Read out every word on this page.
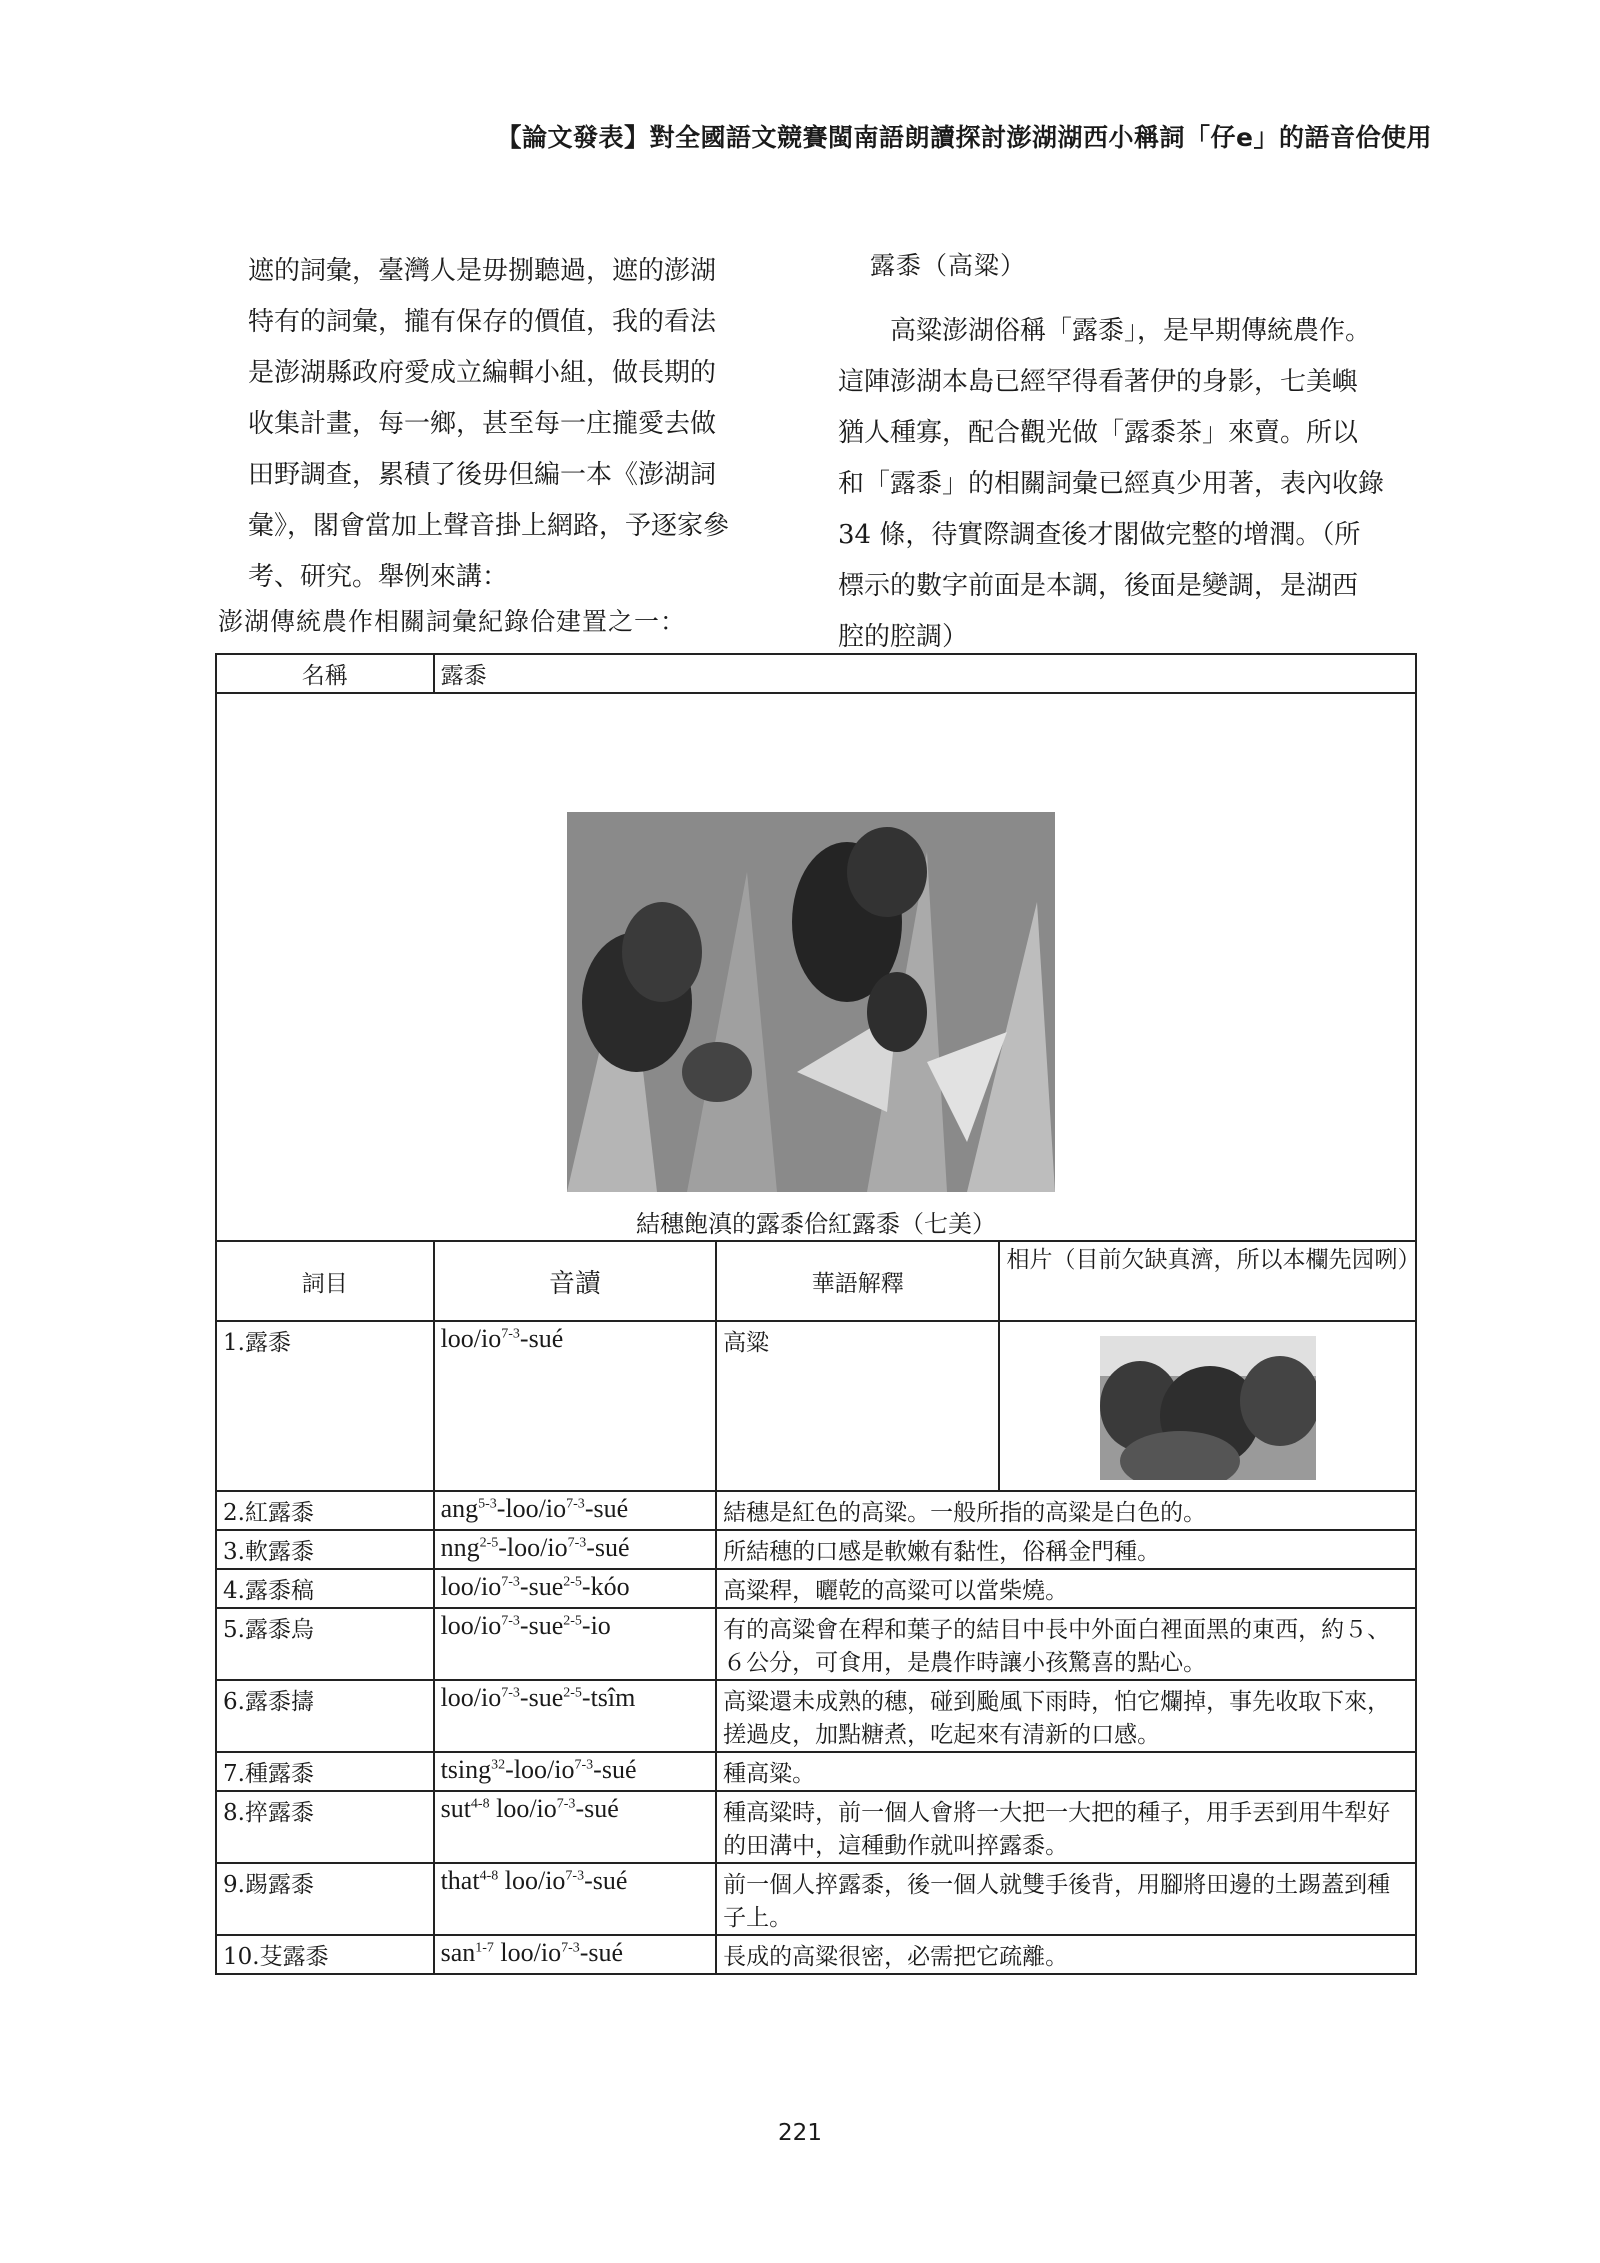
【論文發表】對全國語文競賽閩南語朗讀探討澎湖湖西小稱詞「仔e」的語音佮使用

遮的詞彙，臺灣人是毋捌聽過，遮的澎湖

特有的詞彙，攏有保存的價值，我的看法

是澎湖縣政府愛成立編輯小組，做長期的

收集計畫，每一鄉，甚至每一庄攏愛去做

田野調查，累積了後毋但編一本《澎湖詞

彙》，閣會當加上聲音掛上網路，予逐家參

考、研究。舉例來講：

澎湖傳統農作相關詞彙紀錄佮建置之一：

露黍（高粱）

高粱澎湖俗稱「露黍」，是早期傳統農作。
這陣澎湖本島已經罕得看著伊的身影，七美嶼
猶人種寡，配合觀光做「露黍茶」來賣。所以
和「露黍」的相關詞彙已經真少用著，表內收錄
34 條，待實際調查後才閣做完整的增潤。（所
標示的數字前面是本調，後面是變調，是湖西
腔的腔調）
名稱	露黍		

結穗飽滇的露黍佮紅露黍（七美）			

詞目	音讀	華語解釋	相片（目前欠缺真濟，所以本欄先囥咧）
1.露黍	loo/$io^{7-3}$-sué	高粱	

2.紅露黍	$ang^{5-3}-loo/io^{7-3}$-sué	結穗是紅色的高粱。一般所指的高粱是白色的。	
3.軟露黍	$nng^{2-5}-loo/io^{7-3}$-sué	所結穗的口感是軟嫩有黏性，俗稱金門種。	
4.露黍稿	loo/$io^{7-3}-sue^{2-5}$-kóo	高粱稈，曬乾的高粱可以當柴燒。	
5.露黍烏	loo/$io^{7-3}-sue^{2-5}-io$	有的高粱會在稈和葉子的結目中長中外面白裡面黑的東西，約５、６公分，可食用，是農作時讓小孩驚喜的點心。	
6.露黍擣	loo/$io^{7-3}-sue^{2-5}$-tsîm	高粱還未成熟的穗，碰到颱風下雨時，怕它爛掉，事先收取下來，搓過皮，加點糖煮，吃起來有清新的口感。	
7.種露黍	$tsing^{32}-loo/io^{7-3}$-sué	種高粱。	
8.捽露黍	sut$^{4-8}$ loo/$io^{7-3}$-sué	種高粱時，前一個人會將一大把一大把的種子，用手丟到用牛犁好的田溝中，這種動作就叫捽露黍。	
9.踢露黍	that$^{4-8}$ loo/$io^{7-3}$-sué	前一個人捽露黍，後一個人就雙手後背，用腳將田邊的土踢蓋到種子上。	
10.芟露黍	san$^{1-7}$ loo/$io^{7-3}$-sué	長成的高粱很密，必需把它疏離。	
221
